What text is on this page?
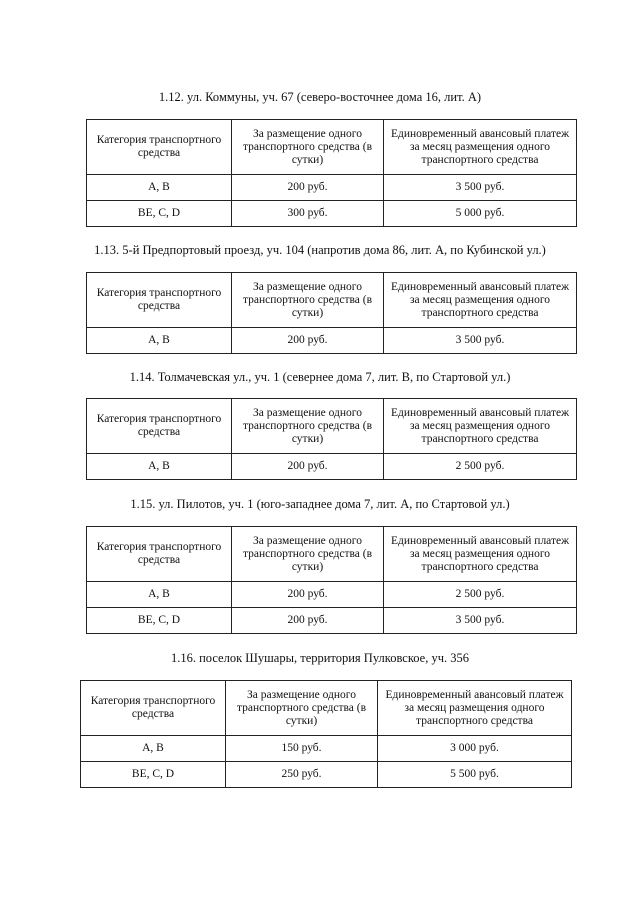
1.12. ул. Коммуны, уч. 67 (северо-восточнее дома 16, лит. А)
Категория транспортного средства	За размещение одного транспортного средства (в сутки)	Единовременный авансовый платеж за месяц размещения одного транспортного средства
А, В	200 руб.	3 500 руб.
BE, C, D	300 руб.	5 000 руб.
1.13. 5-й Предпортовый проезд, уч. 104 (напротив дома 86, лит. А, по Кубинской ул.)
Категория транспортного средства	За размещение одного транспортного средства (в сутки)	Единовременный авансовый платеж за месяц размещения одного транспортного средства
А, В	200 руб.	3 500 руб.
1.14. Толмачевская ул., уч. 1 (севернее дома 7, лит. В, по Стартовой ул.)
Категория транспортного средства	За размещение одного транспортного средства (в сутки)	Единовременный авансовый платеж за месяц размещения одного транспортного средства
А, В	200 руб.	2 500 руб.
1.15. ул. Пилотов, уч. 1 (юго-западнее дома 7, лит. А, по Стартовой ул.)
Категория транспортного средства	За размещение одного транспортного средства (в сутки)	Единовременный авансовый платеж за месяц размещения одного транспортного средства
А, В	200 руб.	2 500 руб.
BE, C, D	200 руб.	3 500 руб.
1.16. поселок Шушары, территория Пулковское, уч. 356
Категория транспортного средства	За размещение одного транспортного средства (в сутки)	Единовременный авансовый платеж за месяц размещения одного транспортного средства
А, В	150 руб.	3 000 руб.
BE, C, D	250 руб.	5 500 руб.
